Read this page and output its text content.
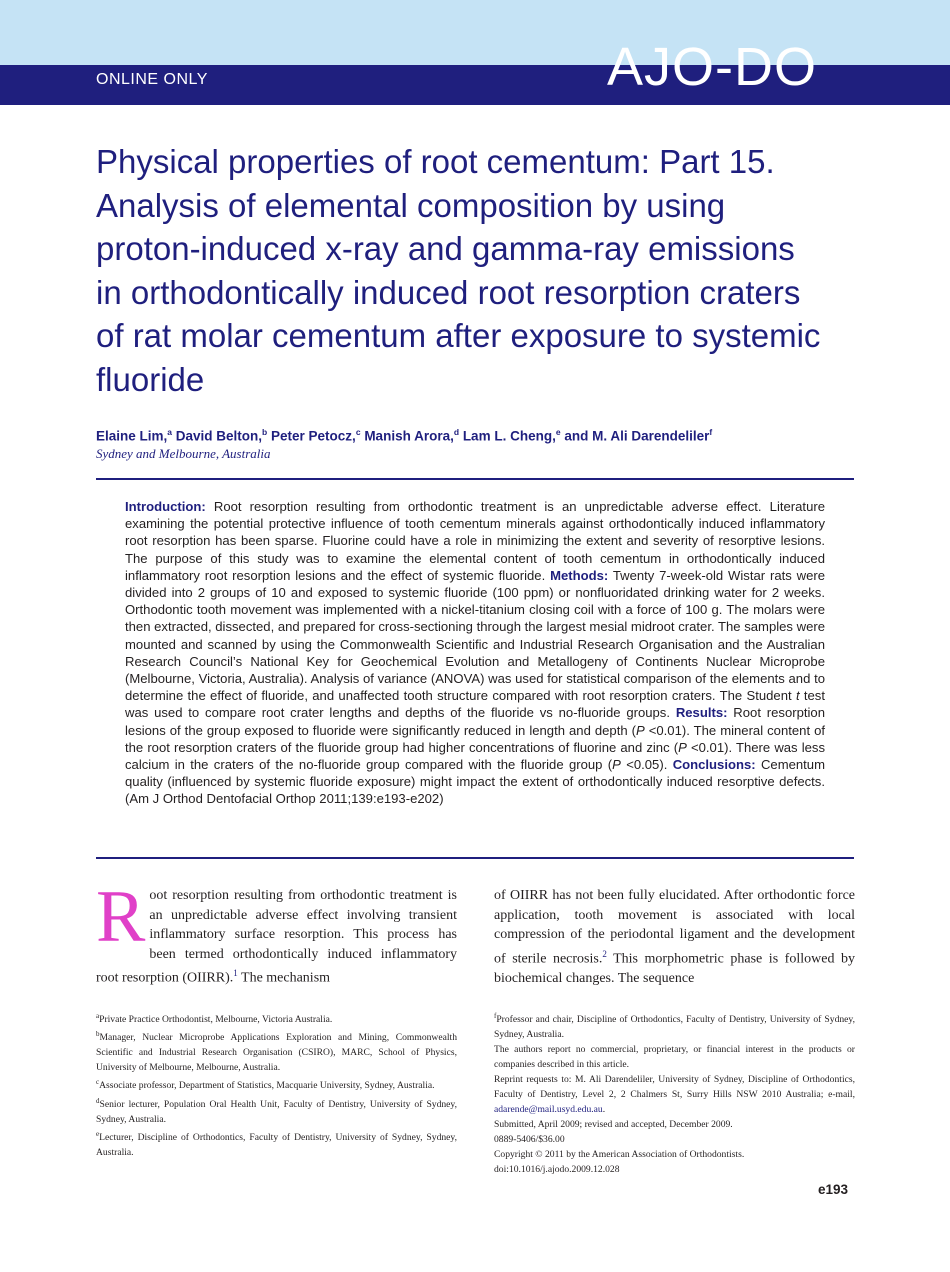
ONLINE ONLY	AJO-DO
Physical properties of root cementum: Part 15.
Analysis of elemental composition by using
proton-induced x-ray and gamma-ray emissions
in orthodontically induced root resorption craters
of rat molar cementum after exposure to systemic
fluoride
Elaine Lim,$^a$ David Belton,$^b$ Peter Petocz,$^c$ Manish Arora,$^d$ Lam L. Cheng,$^e$ and M. Ali Darendeliler$^f$
Sydney and Melbourne, Australia

Introduction: Root resorption resulting from orthodontic treatment is an unpredictable adverse effect. Literature examining the potential protective influence of tooth cementum minerals against orthodontically induced inflammatory root resorption has been sparse. Fluorine could have a role in minimizing the extent and severity of resorptive lesions. The purpose of this study was to examine the elemental content of tooth cementum in orthodontically induced inflammatory root resorption lesions and the effect of systemic fluoride. Methods: Twenty 7-week-old Wistar rats were divided into 2 groups of 10 and exposed to systemic fluoride (100 ppm) or nonfluoridated drinking water for 2 weeks. Orthodontic tooth movement was implemented with a nickel-titanium closing coil with a force of 100 g. The molars were then extracted, dissected, and prepared for cross-sectioning through the largest mesial midroot crater. The samples were mounted and scanned by using the Commonwealth Scientific and Industrial Research Organisation and the Australian Research Council’s National Key for Geochemical Evolution and Metallogeny of Continents Nuclear Microprobe (Melbourne, Victoria, Australia). Analysis of variance (ANOVA) was used for statistical comparison of the elements and to determine the effect of fluoride, and unaffected tooth structure compared with root resorption craters. The Student t test was used to compare root crater lengths and depths of the fluoride vs no-fluoride groups. Results: Root resorption lesions of the group exposed to fluoride were significantly reduced in length and depth (P <0.01). The mineral content of the root resorption craters of the fluoride group had higher concentrations of fluorine and zinc (P <0.01). There was less calcium in the craters of the no-fluoride group compared with the fluoride group (P <0.05). Conclusions: Cementum quality (influenced by systemic fluoride exposure) might impact the extent of orthodontically induced resorptive defects. (Am J Orthod Dentofacial Orthop 2011;139:e193-e202)

Root resorption resulting from orthodontic treatment is an unpredictable adverse effect involving transient inflammatory surface resorption. This process has been termed orthodontically induced inflammatory root resorption (OIIRR).$^1$ The mechanism

of OIIRR has not been fully elucidated. After orthodontic force application, tooth movement is associated with local compression of the periodontal ligament and the development of sterile necrosis.$^2$ This morphometric phase is followed by biochemical changes. The sequence

$^a$Private Practice Orthodontist, Melbourne, Victoria Australia.

$^b$Manager, Nuclear Microprobe Applications Exploration and Mining, Commonwealth Scientific and Industrial Research Organisation (CSIRO), MARC, School of Physics, University of Melbourne, Melbourne, Australia.

$^c$Associate professor, Department of Statistics, Macquarie University, Sydney, Australia.

$^d$Senior lecturer, Population Oral Health Unit, Faculty of Dentistry, University of Sydney, Sydney, Australia.

$^e$Lecturer, Discipline of Orthodontics, Faculty of Dentistry, University of Sydney, Sydney, Australia.

$^f$Professor and chair, Discipline of Orthodontics, Faculty of Dentistry, University of Sydney, Sydney, Australia.

The authors report no commercial, proprietary, or financial interest in the products or companies described in this article.

Reprint requests to: M. Ali Darendeliler, University of Sydney, Discipline of Orthodontics, Faculty of Dentistry, Level 2, 2 Chalmers St, Surry Hills NSW 2010 Australia; e-mail, adarende@mail.usyd.edu.au.

Submitted, April 2009; revised and accepted, December 2009.

0889-5406/$36.00

Copyright © 2011 by the American Association of Orthodontists.

doi:10.1016/j.ajodo.2009.12.028

e193
